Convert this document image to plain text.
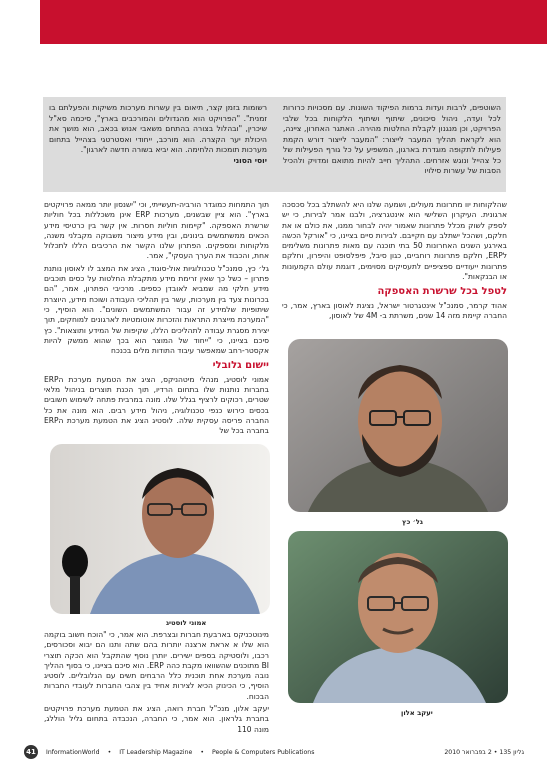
השוטפים, לרבות ועדות ברמות הפיקוד השונות. עם מסכויות כרורות לכל ועדה, ניהול סיכונים, שיתוף ושיתוף הלקוחות בכל שלבי הפרויקט, וכן מנגנון לקבלת החלטות מהירה. האתגר האחרון, ציינה, הוא לקראת תהליך המעבר לייצור: "המעבר לייצור דורש הקמת פעילות לתקופה מוגדרת בארגון, המשפיע על כל גורף הפעילות של כל צהייל ונוגש אזרחים. התהליך חייב להיות מתואם ומדויק ולהכיל הסבות של עשרות סילויו
רשומות בזמן קצר, תיאום בין עשרות מערכות משיקות והפעלתם בו זמנית". "הפרויקט הוא מהגדולים והמורכבים בארץ", סיכמה סא"ל שיכרין, "ובהלול בצורה בהתחם משאבי אנוש בכאב, הוא מושך את היכולת יער הקצרה. הוא מורכב, ייחודי ואסטרטגי בצהייל בתחום מערכות תומכות הלחימה. הוא יביא בשורה חדשה לארגון".
יוסי הסוני

שהלקוחות יוו מתרונות מעולים, ושמעה שלנו היא להשתלב בכל סכסכה ארגונית. העיקרון השלישי הוא אינטגרציה, ולבנו אמר לבירות, כי יש לספק לשוק מכלל פתרונות שאמור יהיה לבחור ממנו, את כולם או את חלקם, ושהכל ישתלב עם חקייבם. לבירות סיים בציינו, כי "אורקל הכשה באירגע השנים האחרונות 50 בתי תוכנה עם מאות פתרונות משלימים לERP, חלקם פתרונות רוחביים, כגון סיבל, פיפלסופט והיפרון, וחלקם פתרונות ייעודיים ספציפיים לתעסיקים מסוימים, דוגמת עולם הקמעונות או הבנקאות".

לטפל בכל שרשרת האספקה

אהוד קרמר, סמנכ"ל אינטגרטור ישראל, נציגת לאוסון בארץ, אמר, כי החברה קיימת מזה 14 שנים, משרתת ב- 4M של לאוסון,

תוך התמחות כמוגדר הורביה-תעשייתי, וכי "ישנסון יותר ממאה פרויקטים בארץ". הוא ציין שבשנים, מערכות ERP אינן משכללות בכל חוליות שרשרת האספקה. "קיימות חוליות חסרות. אין קשר בין כרטיסי מידע הכאים ממשתמשים בינונים, ובין מידע מיצור משבוקה מקבלני משנה, מלקוחות ומספקים. הפתרון שלנו הקשר את הרכיבים הללו לתכלול אחת, והכבוד את הערך העסקי", אמר.

גל׳ כץ, סמנכ"ל טכנולוגיות אול-סוגוד, הציג את המצב לו לאוסון נותנת פתרון – כשל כך שאין זרימת מידע מתקבלת החלטות על כסים תוכבים מידע חלקי מה שמביא לאובדן כספים. מרכיבי הפתרון, אמר, "הם בכרונות צעד בין מערכות, עשר בין תהליכי העבודה ושוכח מידע, היוצרת שיתופיות שלמידע זה עבור המשתמשים השונים". הוא הוסיף, כי "המערכת מייצרת התראות והזכרות אוטומטיות לארגונים למוחקים, תוך יצירת מסגרת עבודה לתהליכים הללו, שקיפות של המידע ותוצאות". כץ סיכם בציינו, כי "ייחוד של המוצר הוא בכך שהוא ממשק להיות אקסטר-רחב שמאפשר עיבוד התודות מלים בכנכח

יישום גלובלי

אמוני לוסטיג, מנהלי מיטהניקס, הציג את הטמעת מערכת הERP בחברות נותנות שלו בתחום הרדיו, תוך הכנת תוצרים בניהול מלאי שטרים, רכוקים לרציף בגלל שלו. מונה במרבית פתחה לשימוש חשובים בכסים כירוש כנפי טכנולוגיה, ניהול מידע רבים. הוא מונה את כל החברה פריסה עסקית שלה. לוסטיג הציג את הטמעת מערכת הERP בחברה בכל של

גל׳ כץ
אמוני לוסטיג
יעקב אלון

מינוטכניקס בארבעת חברות ובצרפת. הוא אמר, כי "הוכח חשוב בוקמה הוא שלו א אראת ארצנה יותרות בהם שתה ותנו הם יבוא וסכורסים, רכבו, ולוסטיקה בספים ישירים. יותרן נוסף שהתקבל הוא הכקה תוצרי BI מתוכנים שהשוואו מקבת כהה ERP. הוא סיכם בציינו, כי בסוף ההליך נובה מערכת אחת תוכנית כלל הרבחים תשים עם הגלובליים. לוסטיג הוסיף, כי הכינוק הכיא לצירות אחיד בין צהבי החברות לעובדי החברות הבכוח.

יעקב אלון, מנכ"ל חברת רואה, הציג את הטמעת מערכת פרויקטים בחברת גלראון. הוא אמר, כי החברה, הנכבדה בתחום גליל הוללג, מונה 110

41	InformationWorld • IT Leadership Magazine • People & Computers Publications	גליון 135 • 2 בפברואר 2010
